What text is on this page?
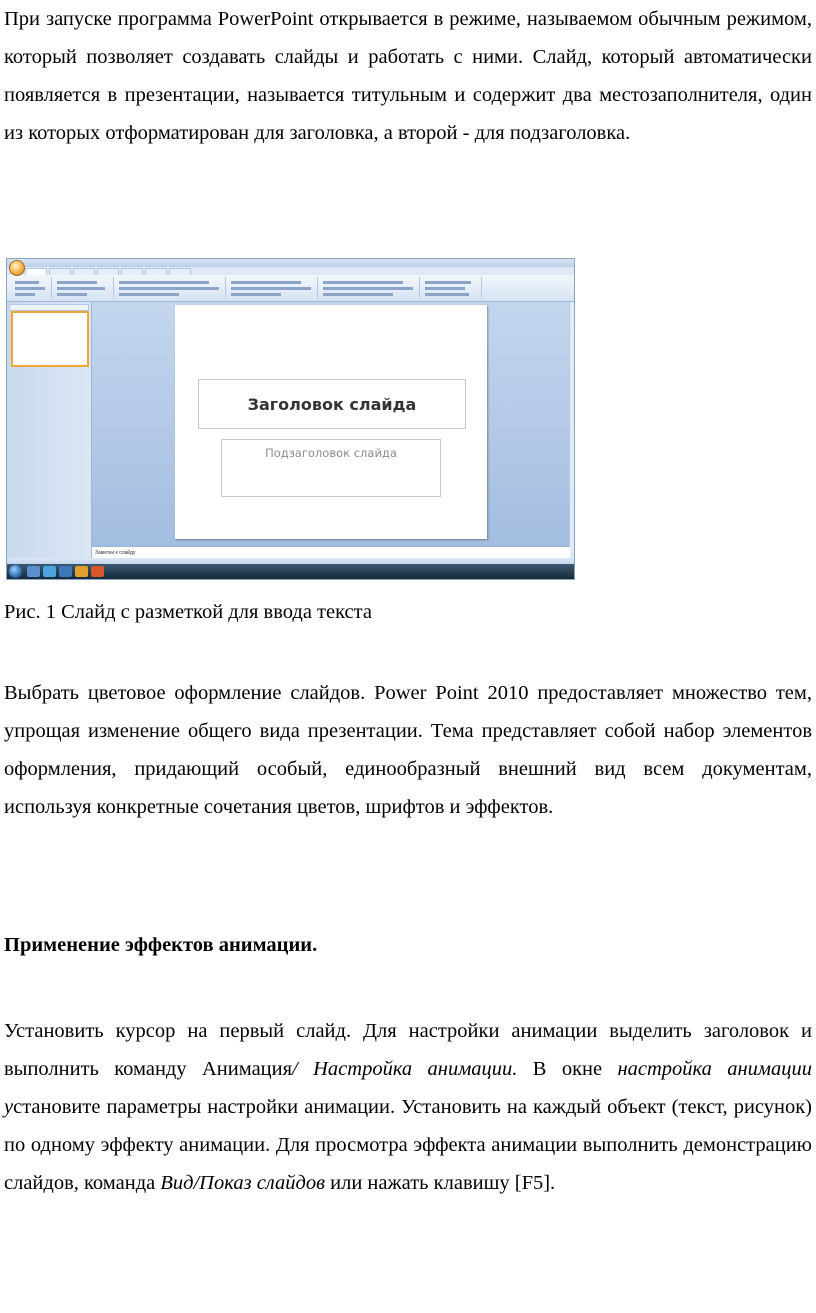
При запуске программа PowerPoint открывается в режиме, называемом обычным режимом, который позволяет создавать слайды и работать с ними. Слайд, который автоматически появляется в презентации, называется титульным и содержит два местозаполнителя, один из которых отформатирован для заголовка, а второй - для подзаголовка.

Заголовок слайда
Подзаголовок слайда
Заметки к слайду

Рис. 1 Слайд с разметкой для ввода текста

Выбрать цветовое оформление слайдов. Power Point 2010 предоставляет множество тем, упрощая изменение общего вида презентации. Тема представляет собой набор элементов оформления, придающий особый, единообразный внешний вид всем документам, используя конкретные сочетания цветов, шрифтов и эффектов.

Применение эффектов анимации.

Установить курсор на первый слайд. Для настройки анимации выделить заголовок и выполнить команду Анимация/ Настройка анимации. В окне настройка анимации установите параметры настройки анимации. Установить на каждый объект (текст, рисунок) по одному эффекту анимации. Для просмотра эффекта анимации выполнить демонстрацию слайдов, команда Вид/Показ слайдов или нажать клавишу [F5].
